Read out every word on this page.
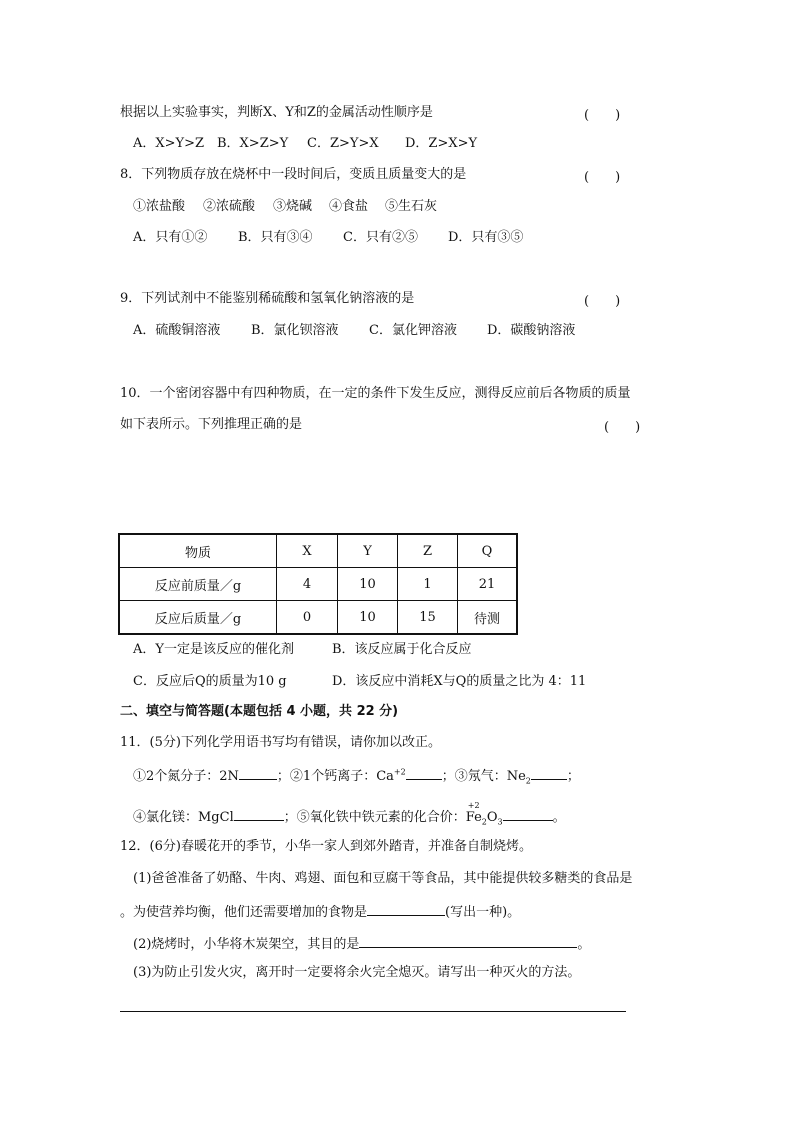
根据以上实验事实，判断X、Y和Z的金属活动性顺序是	(　　)
A．X>Y>Z B．X>Z>Y C．Z>Y>X D．Z>X>Y
8．下列物质存放在烧杯中一段时间后，变质且质量变大的是	(　　)
①浓盐酸 ②浓硫酸 ③烧碱 ④食盐 ⑤生石灰
A．只有①② B．只有③④ C．只有②⑤ D．只有③⑤
9．下列试剂中不能鉴别稀硫酸和氢氧化钠溶液的是	(　　)
A．硫酸铜溶液 B．氯化钡溶液 C．氯化钾溶液 D．碳酸钠溶液
10．一个密闭容器中有四种物质，在一定的条件下发生反应，测得反应前后各物质的质量
如下表所示。下列推理正确的是	(　　)
物质	X	Y	Z	Q
反应前质量／g	4	10	1	21
反应后质量／g	0	10	15	待测
A．Y一定是该反应的催化剂	B．该反应属于化合反应
C．反应后Q的质量为10 g	D．该反应中消耗X与Q的质量之比为 4：11
二、填空与简答题(本题包括 4 小题，共 22 分)
11．(5分)下列化学用语书写均有错误，请你加以改正。
①2个氮分子：2N	；②1个钙离子：$Ca^{+2}$	；③氖气：$Ne_2$	；
④氯化镁：MgCl	；⑤氧化铁中铁元素的化合价：
+2
$Fe_2O_3$	。
12．(6分)春暖花开的季节，小华一家人到郊外踏青，并准备自制烧烤。
(1)爸爸准备了奶酪、牛肉、鸡翅、面包和豆腐干等食品，其中能提供较多糖类的食品是
。为使营养均衡，他们还需要增加的食物是	(写出一种)。
(2)烧烤时，小华将木炭架空，其目的是	。
(3)为防止引发火灾，离开时一定要将余火完全熄灭。请写出一种灭火的方法。
